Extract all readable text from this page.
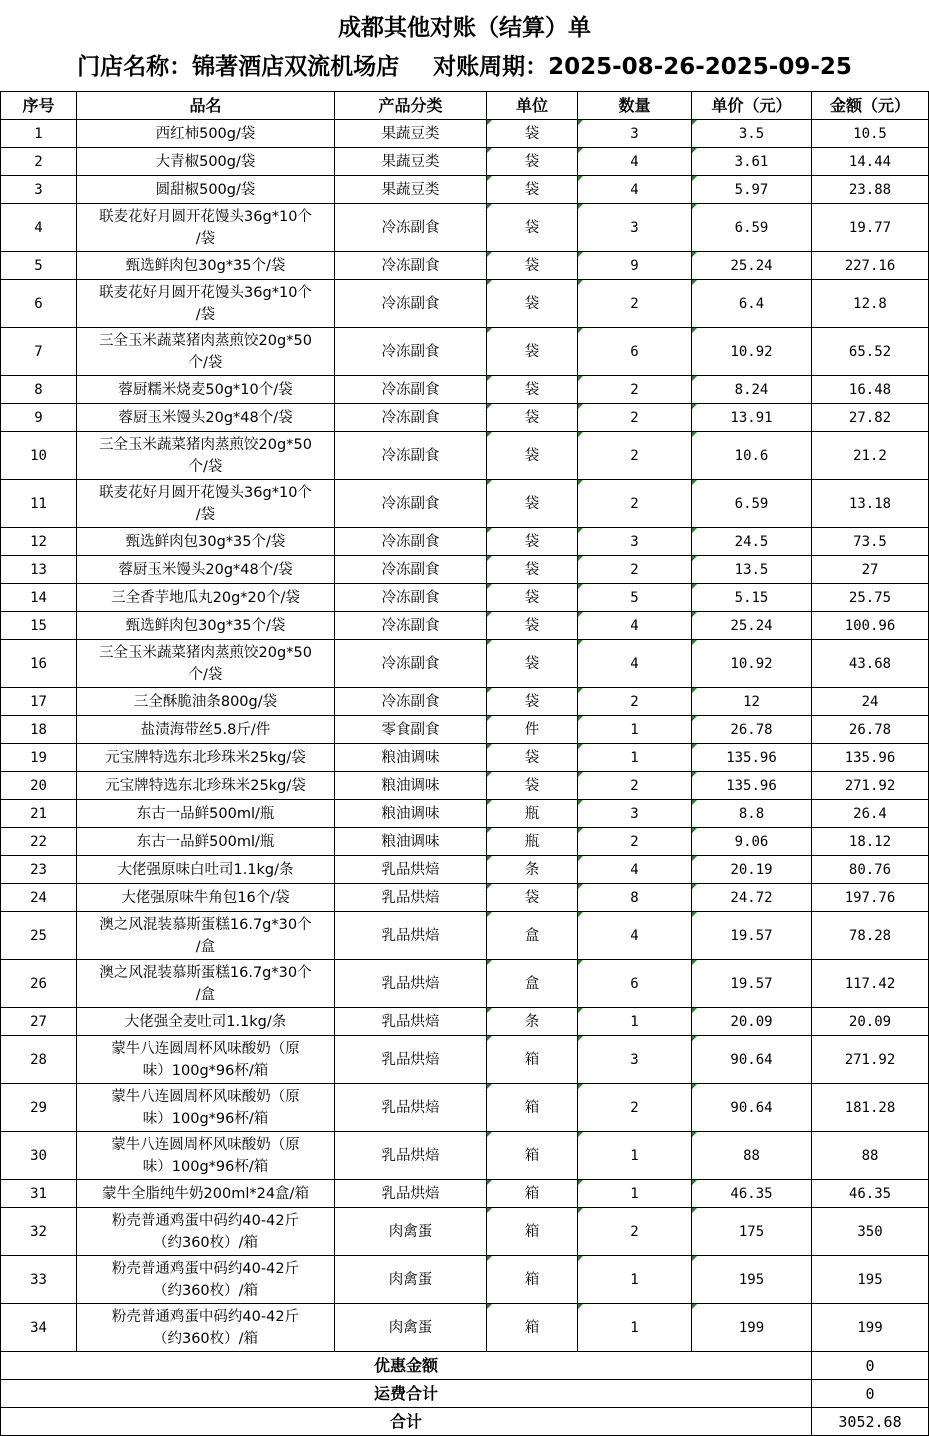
成都其他对账（结算）单
门店名称：锦著酒店双流机场店 对账周期：2025-08-26-2025-09-25
序号	品名	产品分类	单位	数量	单价（元）	金额（元）
1	西红柿500g/袋	果蔬豆类	袋	3	3.5	10.5
2	大青椒500g/袋	果蔬豆类	袋	4	3.61	14.44
3	圆甜椒500g/袋	果蔬豆类	袋	4	5.97	23.88
4	联麦花好月圆开花馒头36g*10个
/袋	冷冻副食	袋	3	6.59	19.77
5	甄选鲜肉包30g*35个/袋	冷冻副食	袋	9	25.24	227.16
6	联麦花好月圆开花馒头36g*10个
/袋	冷冻副食	袋	2	6.4	12.8
7	三全玉米蔬菜猪肉蒸煎饺20g*50
个/袋	冷冻副食	袋	6	10.92	65.52
8	蓉厨糯米烧麦50g*10个/袋	冷冻副食	袋	2	8.24	16.48
9	蓉厨玉米馒头20g*48个/袋	冷冻副食	袋	2	13.91	27.82
10	三全玉米蔬菜猪肉蒸煎饺20g*50
个/袋	冷冻副食	袋	2	10.6	21.2
11	联麦花好月圆开花馒头36g*10个
/袋	冷冻副食	袋	2	6.59	13.18
12	甄选鲜肉包30g*35个/袋	冷冻副食	袋	3	24.5	73.5
13	蓉厨玉米馒头20g*48个/袋	冷冻副食	袋	2	13.5	27
14	三全香芋地瓜丸20g*20个/袋	冷冻副食	袋	5	5.15	25.75
15	甄选鲜肉包30g*35个/袋	冷冻副食	袋	4	25.24	100.96
16	三全玉米蔬菜猪肉蒸煎饺20g*50
个/袋	冷冻副食	袋	4	10.92	43.68
17	三全酥脆油条800g/袋	冷冻副食	袋	2	12	24
18	盐渍海带丝5.8斤/件	零食副食	件	1	26.78	26.78
19	元宝牌特选东北珍珠米25kg/袋	粮油调味	袋	1	135.96	135.96
20	元宝牌特选东北珍珠米25kg/袋	粮油调味	袋	2	135.96	271.92
21	东古一品鲜500ml/瓶	粮油调味	瓶	3	8.8	26.4
22	东古一品鲜500ml/瓶	粮油调味	瓶	2	9.06	18.12
23	大佬强原味白吐司1.1kg/条	乳品烘焙	条	4	20.19	80.76
24	大佬强原味牛角包16个/袋	乳品烘焙	袋	8	24.72	197.76
25	澳之风混装慕斯蛋糕16.7g*30个
/盒	乳品烘焙	盒	4	19.57	78.28
26	澳之风混装慕斯蛋糕16.7g*30个
/盒	乳品烘焙	盒	6	19.57	117.42
27	大佬强全麦吐司1.1kg/条	乳品烘焙	条	1	20.09	20.09
28	蒙牛八连圆周杯风味酸奶（原
味）100g*96杯/箱	乳品烘焙	箱	3	90.64	271.92
29	蒙牛八连圆周杯风味酸奶（原
味）100g*96杯/箱	乳品烘焙	箱	2	90.64	181.28
30	蒙牛八连圆周杯风味酸奶（原
味）100g*96杯/箱	乳品烘焙	箱	1	88	88
31	蒙牛全脂纯牛奶200ml*24盒/箱	乳品烘焙	箱	1	46.35	46.35
32	粉壳普通鸡蛋中码约40-42斤
（约360枚）/箱	肉禽蛋	箱	2	175	350
33	粉壳普通鸡蛋中码约40-42斤
（约360枚）/箱	肉禽蛋	箱	1	195	195
34	粉壳普通鸡蛋中码约40-42斤
（约360枚）/箱	肉禽蛋	箱	1	199	199
优惠金额						0
运费合计						0
合计						3052.68
